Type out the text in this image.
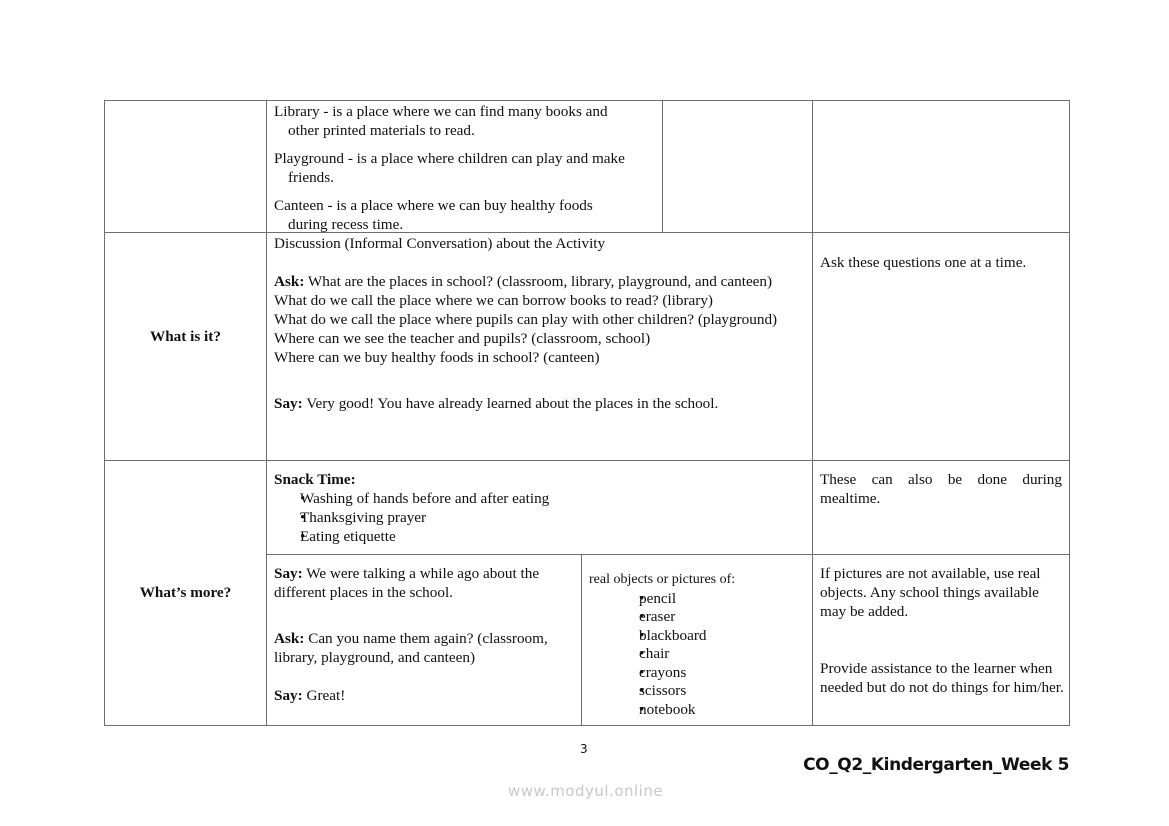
Library - is a place where we can find many books and
other printed materials to read.

Playground - is a place where children can play and make
friends.

Canteen - is a place where we can buy healthy foods
during recess time.

What is it?
Discussion (Informal Conversation) about the Activity
Ask: What are the places in school? (classroom, library, playground, and canteen)
What do we call the place where we can borrow books to read? (library)
What do we call the place where pupils can play with other children? (playground)
Where can we see the teacher and pupils? (classroom, school)
Where can we buy healthy foods in school? (canteen)
Say: Very good! You have already learned about the places in the school.
Ask these questions one at a time.
What’s more?
Snack Time:
• Washing of hands before and after eating
• Thanksgiving prayer
• Eating etiquette
These can also be done during mealtime.
Say: We were talking a while ago about the different places in the school.
Ask: Can you name them again? (classroom, library, playground, and canteen)
Say: Great!
real objects or pictures of:
• pencil
• eraser
• blackboard
• chair
• crayons
• scissors
• notebook
If pictures are not available, use real objects. Any school things available may be added.
Provide assistance to the learner when needed but do not do things for him/her.
3
CO_Q2_Kindergarten_Week 5
www.modyul.online
